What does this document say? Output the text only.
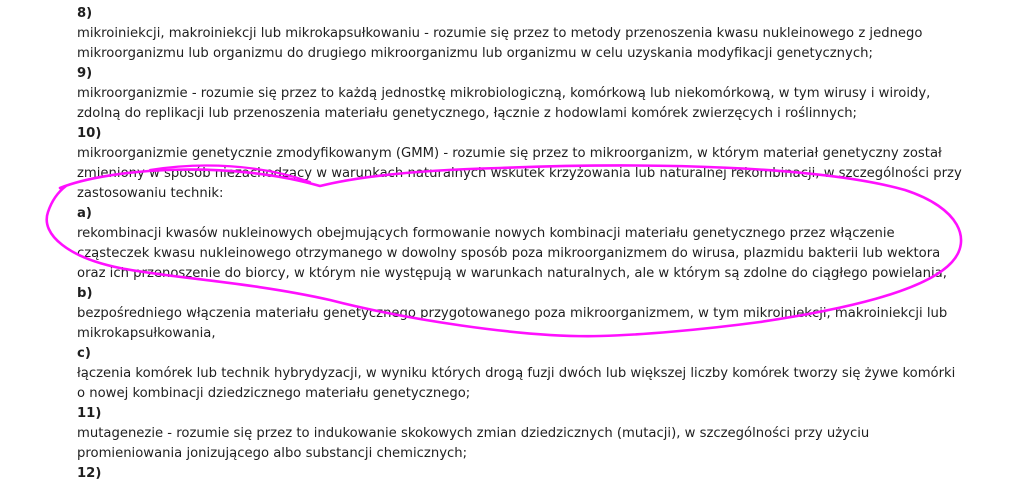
8)
mikroiniekcji, makroiniekcji lub mikrokapsułkowaniu - rozumie się przez to metody przenoszenia kwasu nukleinowego z jednego mikroorganizmu lub organizmu do drugiego mikroorganizmu lub organizmu w celu uzyskania modyfikacji genetycznych;
9)
mikroorganizmie - rozumie się przez to każdą jednostkę mikrobiologiczną, komórkową lub niekomórkową, w tym wirusy i wiroidy, zdolną do replikacji lub przenoszenia materiału genetycznego, łącznie z hodowlami komórek zwierzęcych i roślinnych;
10)
mikroorganizmie genetycznie zmodyfikowanym (GMM) - rozumie się przez to mikroorganizm, w którym materiał genetyczny został zmieniony w sposób niezachodzący w warunkach naturalnych wskutek krzyżowania lub naturalnej rekombinacji, w szczególności przy zastosowaniu technik:
a)
rekombinacji kwasów nukleinowych obejmujących formowanie nowych kombinacji materiału genetycznego przez włączenie cząsteczek kwasu nukleinowego otrzymanego w dowolny sposób poza mikroorganizmem do wirusa, plazmidu bakterii lub wektora oraz ich przenoszenie do biorcy, w którym nie występują w warunkach naturalnych, ale w którym są zdolne do ciągłego powielania,
b)
bezpośredniego włączenia materiału genetycznego przygotowanego poza mikroorganizmem, w tym mikroiniekcji, makroiniekcji lub mikrokapsułkowania,
c)
łączenia komórek lub technik hybrydyzacji, w wyniku których drogą fuzji dwóch lub większej liczby komórek tworzy się żywe komórki o nowej kombinacji dziedzicznego materiału genetycznego;
11)
mutagenezie - rozumie się przez to indukowanie skokowych zmian dziedzicznych (mutacji), w szczególności przy użyciu promieniowania jonizującego albo substancji chemicznych;
12)
